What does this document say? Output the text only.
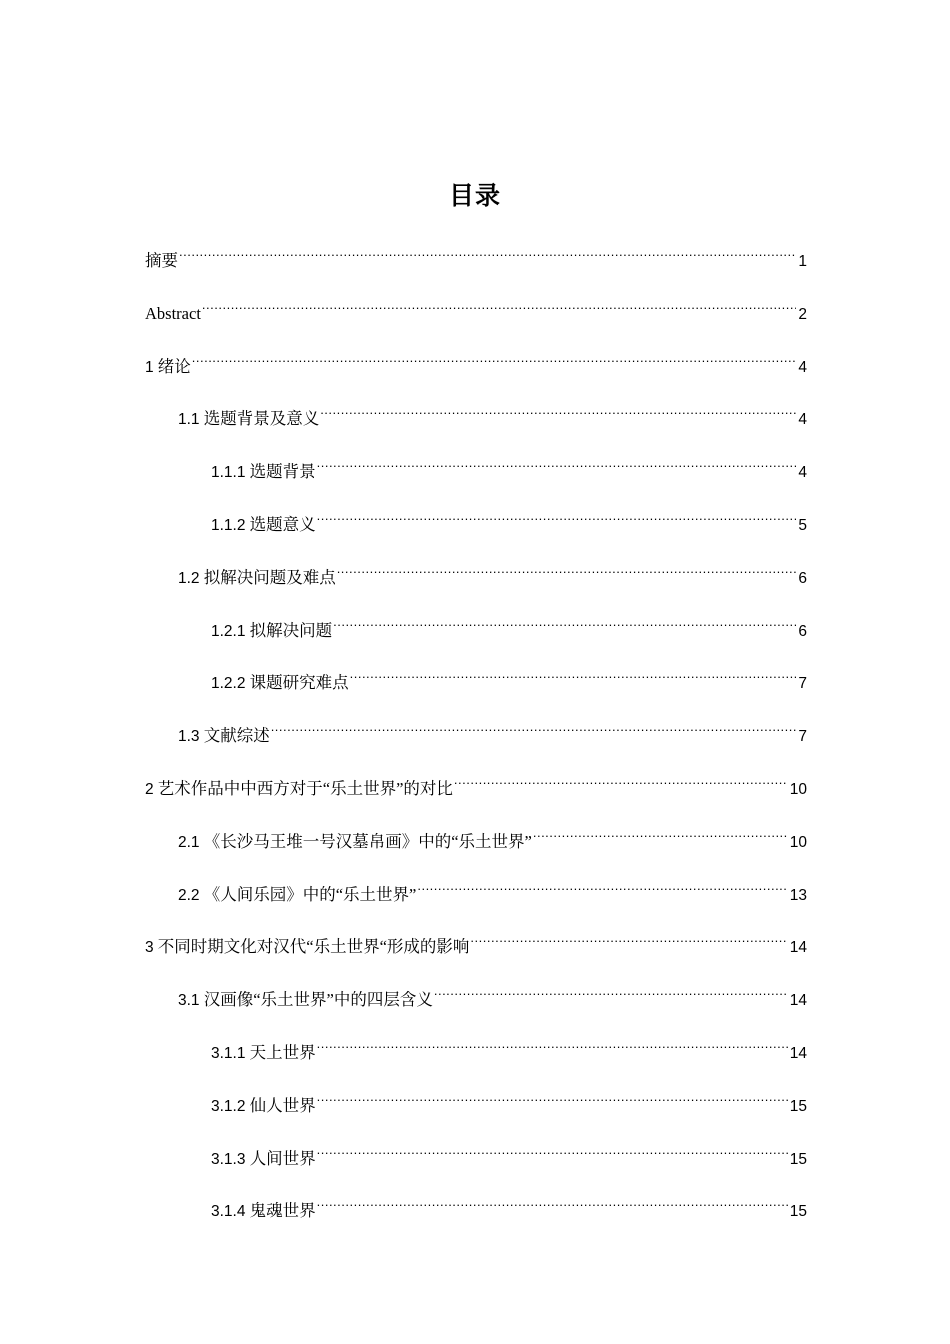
目录
摘要 .....	1
Abstract .....	2
1 绪论 .....	4
1.1 选题背景及意义 .....	4
1.1.1 选题背景 .....	4
1.1.2 选题意义 .....	5
1.2 拟解决问题及难点 .....	6
1.2.1 拟解决问题 .....	6
1.2.2 课题研究难点 .....	7
1.3 文献综述 .....	7
2 艺术作品中中西方对于“乐土世界”的对比 .....	10
2.1 《长沙马王堆一号汉墓帛画》中的“乐土世界” .....	10
2.2 《人间乐园》中的“乐土世界” .....	13
3 不同时期文化对汉代“乐土世界“形成的影响 .....	14
3.1 汉画像“乐土世界”中的四层含义 .....	14
3.1.1 天上世界 .....	14
3.1.2 仙人世界 .....	15
3.1.3 人间世界 .....	15
3.1.4 鬼魂世界 .....	15
